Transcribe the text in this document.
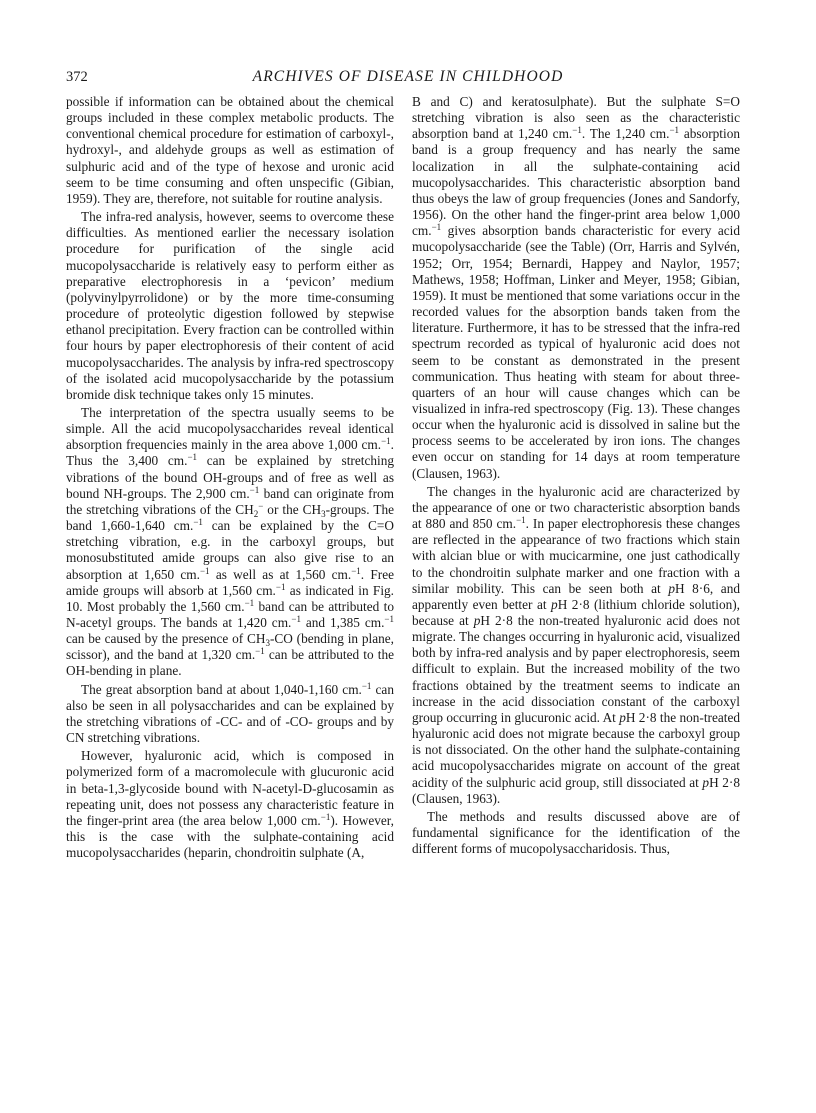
372	ARCHIVES OF DISEASE IN CHILDHOOD

possible if information can be obtained about the chemical groups included in these complex metabolic products. The conventional chemical procedure for estimation of carboxyl-, hydroxyl-, and aldehyde groups as well as estimation of sulphuric acid and of the type of hexose and uronic acid seem to be time consuming and often unspecific (Gibian, 1959). They are, therefore, not suitable for routine analysis.

The infra-red analysis, however, seems to overcome these difficulties. As mentioned earlier the necessary isolation procedure for purification of the single acid mucopolysaccharide is relatively easy to perform either as preparative electrophoresis in a ‘pevicon’ medium (polyvinylpyrrolidone) or by the more time-consuming procedure of proteolytic digestion followed by stepwise ethanol precipitation. Every fraction can be controlled within four hours by paper electrophoresis of their content of acid mucopolysaccharides. The analysis by infra-red spectroscopy of the isolated acid mucopolysaccharide by the potassium bromide disk technique takes only 15 minutes.

The interpretation of the spectra usually seems to be simple. All the acid mucopolysaccharides reveal identical absorption frequencies mainly in the area above 1,000 cm.$^{-1}$. Thus the 3,400 cm.$^{-1}$ can be explained by stretching vibrations of the bound OH-groups and of free as well as bound NH-groups. The 2,900 cm.$^{-1}$ band can originate from the stretching vibrations of the $CH_2^-$ or the $CH_3$-groups. The band 1,660-1,640 cm.$^{-1}$ can be explained by the C=O stretching vibration, e.g. in the carboxyl groups, but monosubstituted amide groups can also give rise to an absorption at 1,650 cm.$^{-1}$ as well as at 1,560 cm.$^{-1}$. Free amide groups will absorb at 1,560 cm.$^{-1}$ as indicated in Fig. 10. Most probably the 1,560 cm.$^{-1}$ band can be attributed to N-acetyl groups. The bands at 1,420 cm.$^{-1}$ and 1,385 cm.$^{-1}$ can be caused by the presence of $CH_3-CO$ (bending in plane, scissor), and the band at 1,320 cm.$^{-1}$ can be attributed to the OH-bending in plane.

The great absorption band at about 1,040-1,160 cm.$^{-1}$ can also be seen in all polysaccharides and can be explained by the stretching vibrations of -CC- and of -CO- groups and by CN stretching vibrations.

However, hyaluronic acid, which is composed in polymerized form of a macromolecule with glucuronic acid in beta-1,3-glycoside bound with N-acetyl-D-glucosamin as repeating unit, does not possess any characteristic feature in the finger-print area (the area below 1,000 cm.$^{-1}$). However, this is the case with the sulphate-containing acid mucopolysaccharides (heparin, chondroitin sulphate (A,

B and C) and keratosulphate). But the sulphate S=O stretching vibration is also seen as the characteristic absorption band at 1,240 cm.$^{-1}$. The 1,240 cm.$^{-1}$ absorption band is a group frequency and has nearly the same localization in all the sulphate-containing acid mucopolysaccharides. This characteristic absorption band thus obeys the law of group frequencies (Jones and Sandorfy, 1956). On the other hand the finger-print area below 1,000 cm.$^{-1}$ gives absorption bands characteristic for every acid mucopolysaccharide (see the Table) (Orr, Harris and Sylvén, 1952; Orr, 1954; Bernardi, Happey and Naylor, 1957; Mathews, 1958; Hoffman, Linker and Meyer, 1958; Gibian, 1959). It must be mentioned that some variations occur in the recorded values for the absorption bands taken from the literature. Furthermore, it has to be stressed that the infra-red spectrum recorded as typical of hyaluronic acid does not seem to be constant as demonstrated in the present communication. Thus heating with steam for about three-quarters of an hour will cause changes which can be visualized in infra-red spectroscopy (Fig. 13). These changes occur when the hyaluronic acid is dissolved in saline but the process seems to be accelerated by iron ions. The changes even occur on standing for 14 days at room temperature (Clausen, 1963).

The changes in the hyaluronic acid are characterized by the appearance of one or two characteristic absorption bands at 880 and 850 cm.$^{-1}$. In paper electrophoresis these changes are reflected in the appearance of two fractions which stain with alcian blue or with mucicarmine, one just cathodically to the chondroitin sulphate marker and one fraction with a similar mobility. This can be seen both at pH 8·6, and apparently even better at pH 2·8 (lithium chloride solution), because at pH 2·8 the non-treated hyaluronic acid does not migrate. The changes occurring in hyaluronic acid, visualized both by infra-red analysis and by paper electrophoresis, seem difficult to explain. But the increased mobility of the two fractions obtained by the treatment seems to indicate an increase in the acid dissociation constant of the carboxyl group occurring in glucuronic acid. At pH 2·8 the non-treated hyaluronic acid does not migrate because the carboxyl group is not dissociated. On the other hand the sulphate-containing acid mucopolysaccharides migrate on account of the great acidity of the sulphuric acid group, still dissociated at pH 2·8 (Clausen, 1963).

The methods and results discussed above are of fundamental significance for the identification of the different forms of mucopolysaccharidosis. Thus,
